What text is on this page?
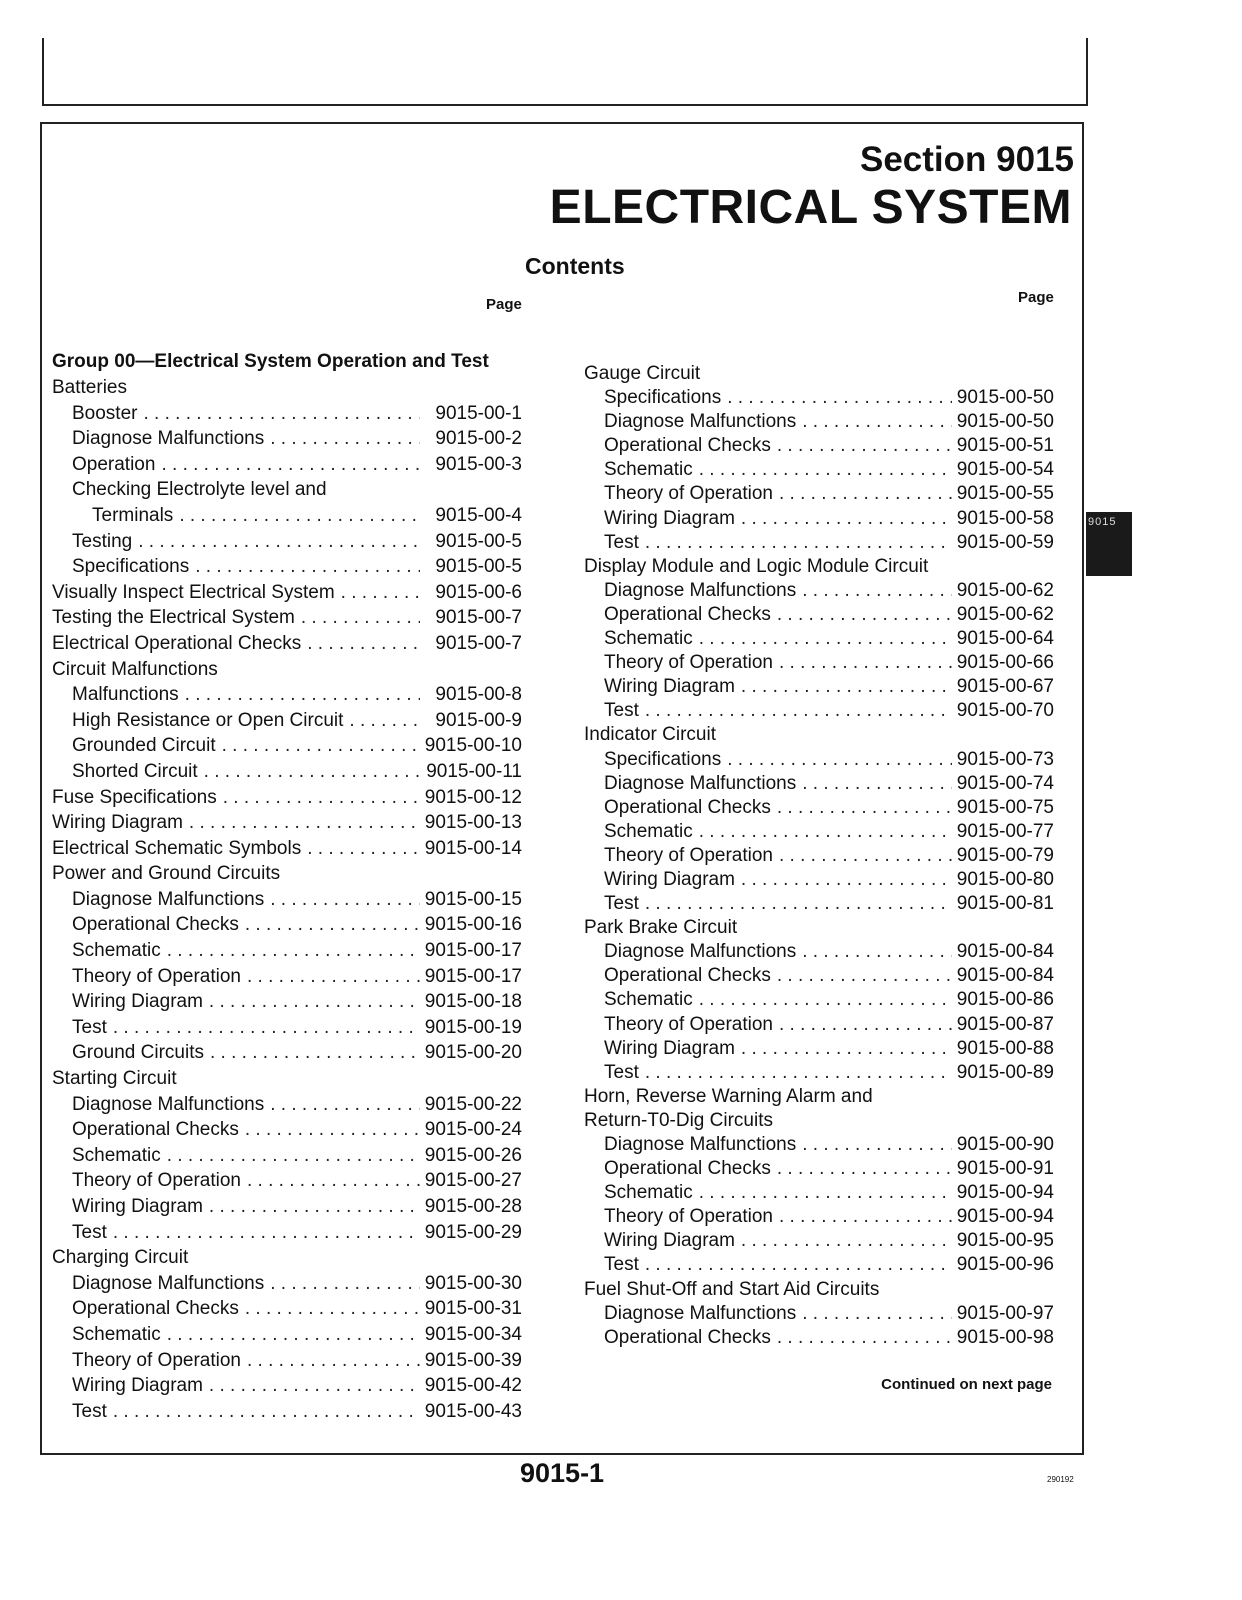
Section 9015
ELECTRICAL SYSTEM
Contents
Page	Page
Group 00—Electrical System Operation and Test
Batteries
Booster . . .	9015-00-1
Diagnose Malfunctions . . .	9015-00-2
Operation . . .	9015-00-3
Checking Electrolyte level and
Terminals . . .	9015-00-4
Testing . . .	9015-00-5
Specifications . . .	9015-00-5
Visually Inspect Electrical System . . .	9015-00-6
Testing the Electrical System . . .	9015-00-7
Electrical Operational Checks . . .	9015-00-7
Circuit Malfunctions
Malfunctions . . .	9015-00-8
High Resistance or Open Circuit . . .	9015-00-9
Grounded Circuit . . .	9015-00-10
Shorted Circuit . . .	9015-00-11
Fuse Specifications . . .	9015-00-12
Wiring Diagram . . .	9015-00-13
Electrical Schematic Symbols . . .	9015-00-14
Power and Ground Circuits
Diagnose Malfunctions . . .	9015-00-15
Operational Checks . . .	9015-00-16
Schematic . . .	9015-00-17
Theory of Operation . . .	9015-00-17
Wiring Diagram . . .	9015-00-18
Test . . .	9015-00-19
Ground Circuits . . .	9015-00-20
Starting Circuit
Diagnose Malfunctions . . .	9015-00-22
Operational Checks . . .	9015-00-24
Schematic . . .	9015-00-26
Theory of Operation . . .	9015-00-27
Wiring Diagram . . .	9015-00-28
Test . . .	9015-00-29
Charging Circuit
Diagnose Malfunctions . . .	9015-00-30
Operational Checks . . .	9015-00-31
Schematic . . .	9015-00-34
Theory of Operation . . .	9015-00-39
Wiring Diagram . . .	9015-00-42
Test . . .	9015-00-43
Gauge Circuit
Specifications . . .	9015-00-50
Diagnose Malfunctions . . .	9015-00-50
Operational Checks . . .	9015-00-51
Schematic . . .	9015-00-54
Theory of Operation . . .	9015-00-55
Wiring Diagram . . .	9015-00-58
Test . . .	9015-00-59
Display Module and Logic Module Circuit
Diagnose Malfunctions . . .	9015-00-62
Operational Checks . . .	9015-00-62
Schematic . . .	9015-00-64
Theory of Operation . . .	9015-00-66
Wiring Diagram . . .	9015-00-67
Test . . .	9015-00-70
Indicator Circuit
Specifications . . .	9015-00-73
Diagnose Malfunctions . . .	9015-00-74
Operational Checks . . .	9015-00-75
Schematic . . .	9015-00-77
Theory of Operation . . .	9015-00-79
Wiring Diagram . . .	9015-00-80
Test . . .	9015-00-81
Park Brake Circuit
Diagnose Malfunctions . . .	9015-00-84
Operational Checks . . .	9015-00-84
Schematic . . .	9015-00-86
Theory of Operation . . .	9015-00-87
Wiring Diagram . . .	9015-00-88
Test . . .	9015-00-89
Horn, Reverse Warning Alarm and
Return-T0-Dig Circuits
Diagnose Malfunctions . . .	9015-00-90
Operational Checks . . .	9015-00-91
Schematic . . .	9015-00-94
Theory of Operation . . .	9015-00-94
Wiring Diagram . . .	9015-00-95
Test . . .	9015-00-96
Fuel Shut-Off and Start Aid Circuits
Diagnose Malfunctions . . .	9015-00-97
Operational Checks . . .	9015-00-98
9015
Continued on next page
9015-1	290192
